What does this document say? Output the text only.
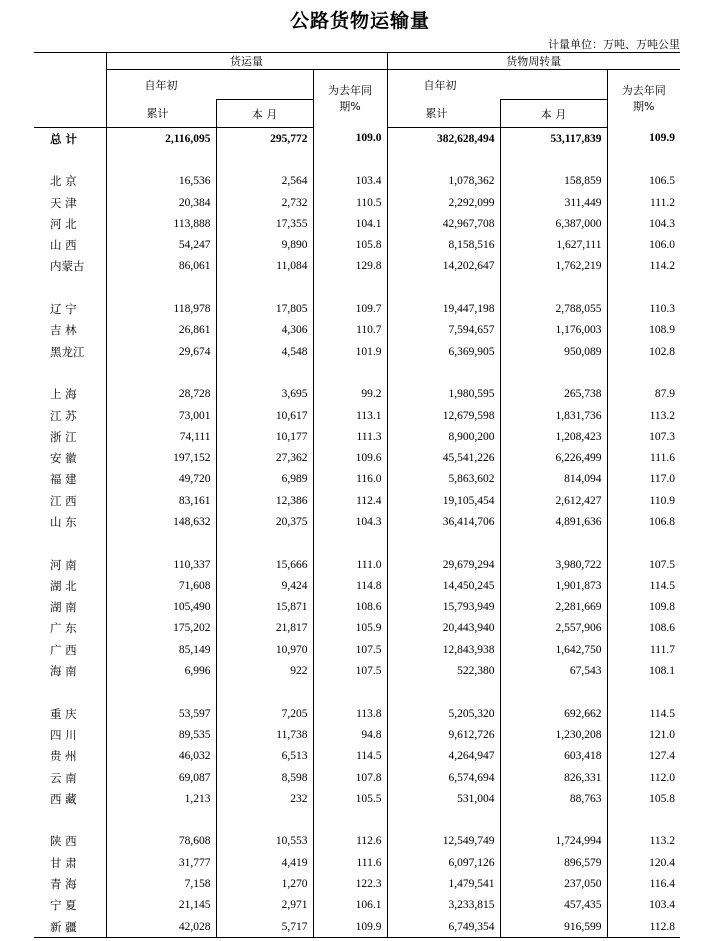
公路货物运输量
计量单位：万吨、万吨公里
	货运量			货物周转量		
	自年初		为去年同期%	自年初		为去年同期%
	累计	本 月		累计	本 月	
总 计	2,116,095	295,772	109.0	382,628,494	53,117,839	109.9

北 京	16,536	2,564	103.4	1,078,362	158,859	106.5
天 津	20,384	2,732	110.5	2,292,099	311,449	111.2
河 北	113,888	17,355	104.1	42,967,708	6,387,000	104.3
山 西	54,247	9,890	105.8	8,158,516	1,627,111	106.0
内蒙古	86,061	11,084	129.8	14,202,647	1,762,219	114.2

辽 宁	118,978	17,805	109.7	19,447,198	2,788,055	110.3
吉 林	26,861	4,306	110.7	7,594,657	1,176,003	108.9
黑龙江	29,674	4,548	101.9	6,369,905	950,089	102.8

上 海	28,728	3,695	99.2	1,980,595	265,738	87.9
江 苏	73,001	10,617	113.1	12,679,598	1,831,736	113.2
浙 江	74,111	10,177	111.3	8,900,200	1,208,423	107.3
安 徽	197,152	27,362	109.6	45,541,226	6,226,499	111.6
福 建	49,720	6,989	116.0	5,863,602	814,094	117.0
江 西	83,161	12,386	112.4	19,105,454	2,612,427	110.9
山 东	148,632	20,375	104.3	36,414,706	4,891,636	106.8

河 南	110,337	15,666	111.0	29,679,294	3,980,722	107.5
湖 北	71,608	9,424	114.8	14,450,245	1,901,873	114.5
湖 南	105,490	15,871	108.6	15,793,949	2,281,669	109.8
广 东	175,202	21,817	105.9	20,443,940	2,557,906	108.6
广 西	85,149	10,970	107.5	12,843,938	1,642,750	111.7
海 南	6,996	922	107.5	522,380	67,543	108.1

重 庆	53,597	7,205	113.8	5,205,320	692,662	114.5
四 川	89,535	11,738	94.8	9,612,726	1,230,208	121.0
贵 州	46,032	6,513	114.5	4,264,947	603,418	127.4
云 南	69,087	8,598	107.8	6,574,694	826,331	112.0
西 藏	1,213	232	105.5	531,004	88,763	105.8

陕 西	78,608	10,553	112.6	12,549,749	1,724,994	113.2
甘 肃	31,777	4,419	111.6	6,097,126	896,579	120.4
青 海	7,158	1,270	122.3	1,479,541	237,050	116.4
宁 夏	21,145	2,971	106.1	3,233,815	457,435	103.4
新 疆	42,028	5,717	109.9	6,749,354	916,599	112.8
